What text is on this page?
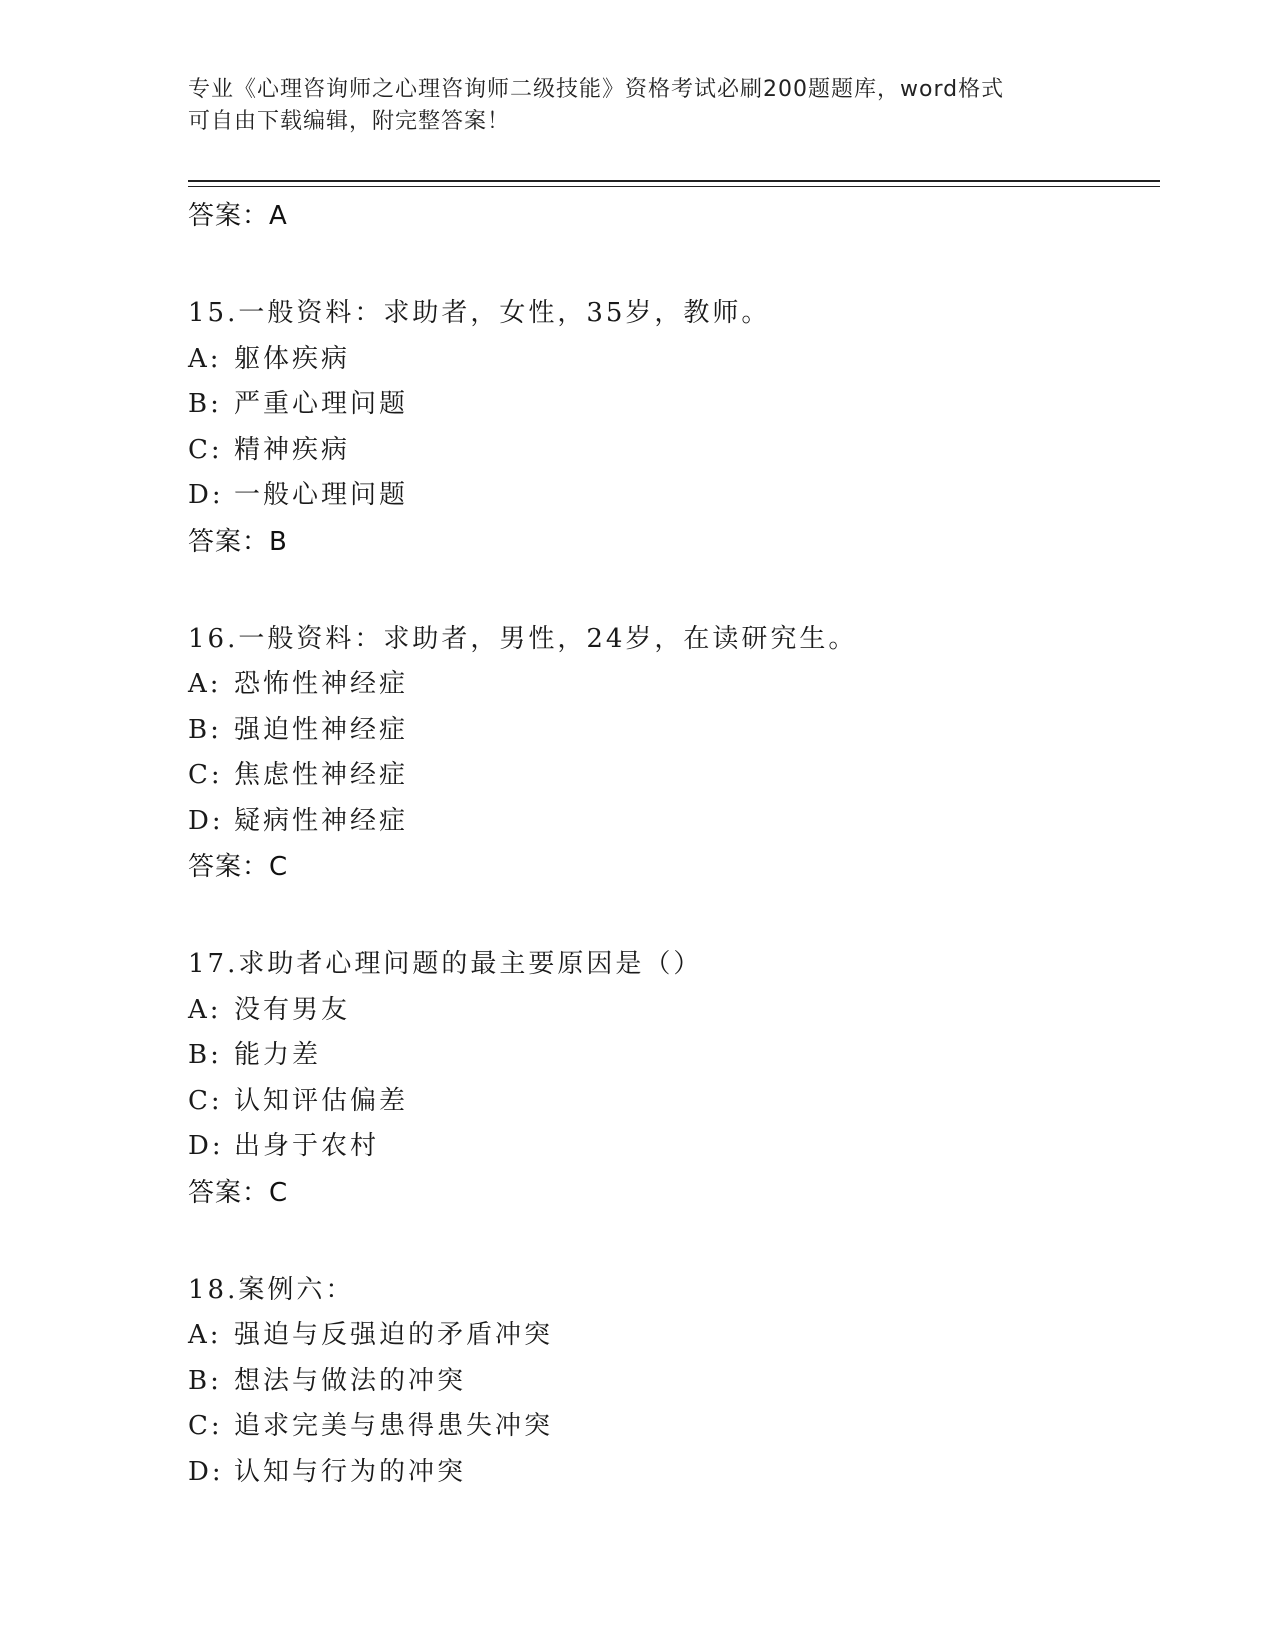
专业《心理咨询师之心理咨询师二级技能》资格考试必刷200题题库，word格式
可自由下载编辑，附完整答案！
答案：A
15.一般资料：求助者，女性，35岁，教师。
A: 躯体疾病
B: 严重心理问题
C: 精神疾病
D: 一般心理问题
答案：B
16.一般资料：求助者，男性，24岁，在读研究生。
A: 恐怖性神经症
B: 强迫性神经症
C: 焦虑性神经症
D: 疑病性神经症
答案：C
17.求助者心理问题的最主要原因是（）
A: 没有男友
B: 能力差
C: 认知评估偏差
D: 出身于农村
答案：C
18.案例六：
A: 强迫与反强迫的矛盾冲突
B: 想法与做法的冲突
C: 追求完美与患得患失冲突
D: 认知与行为的冲突
